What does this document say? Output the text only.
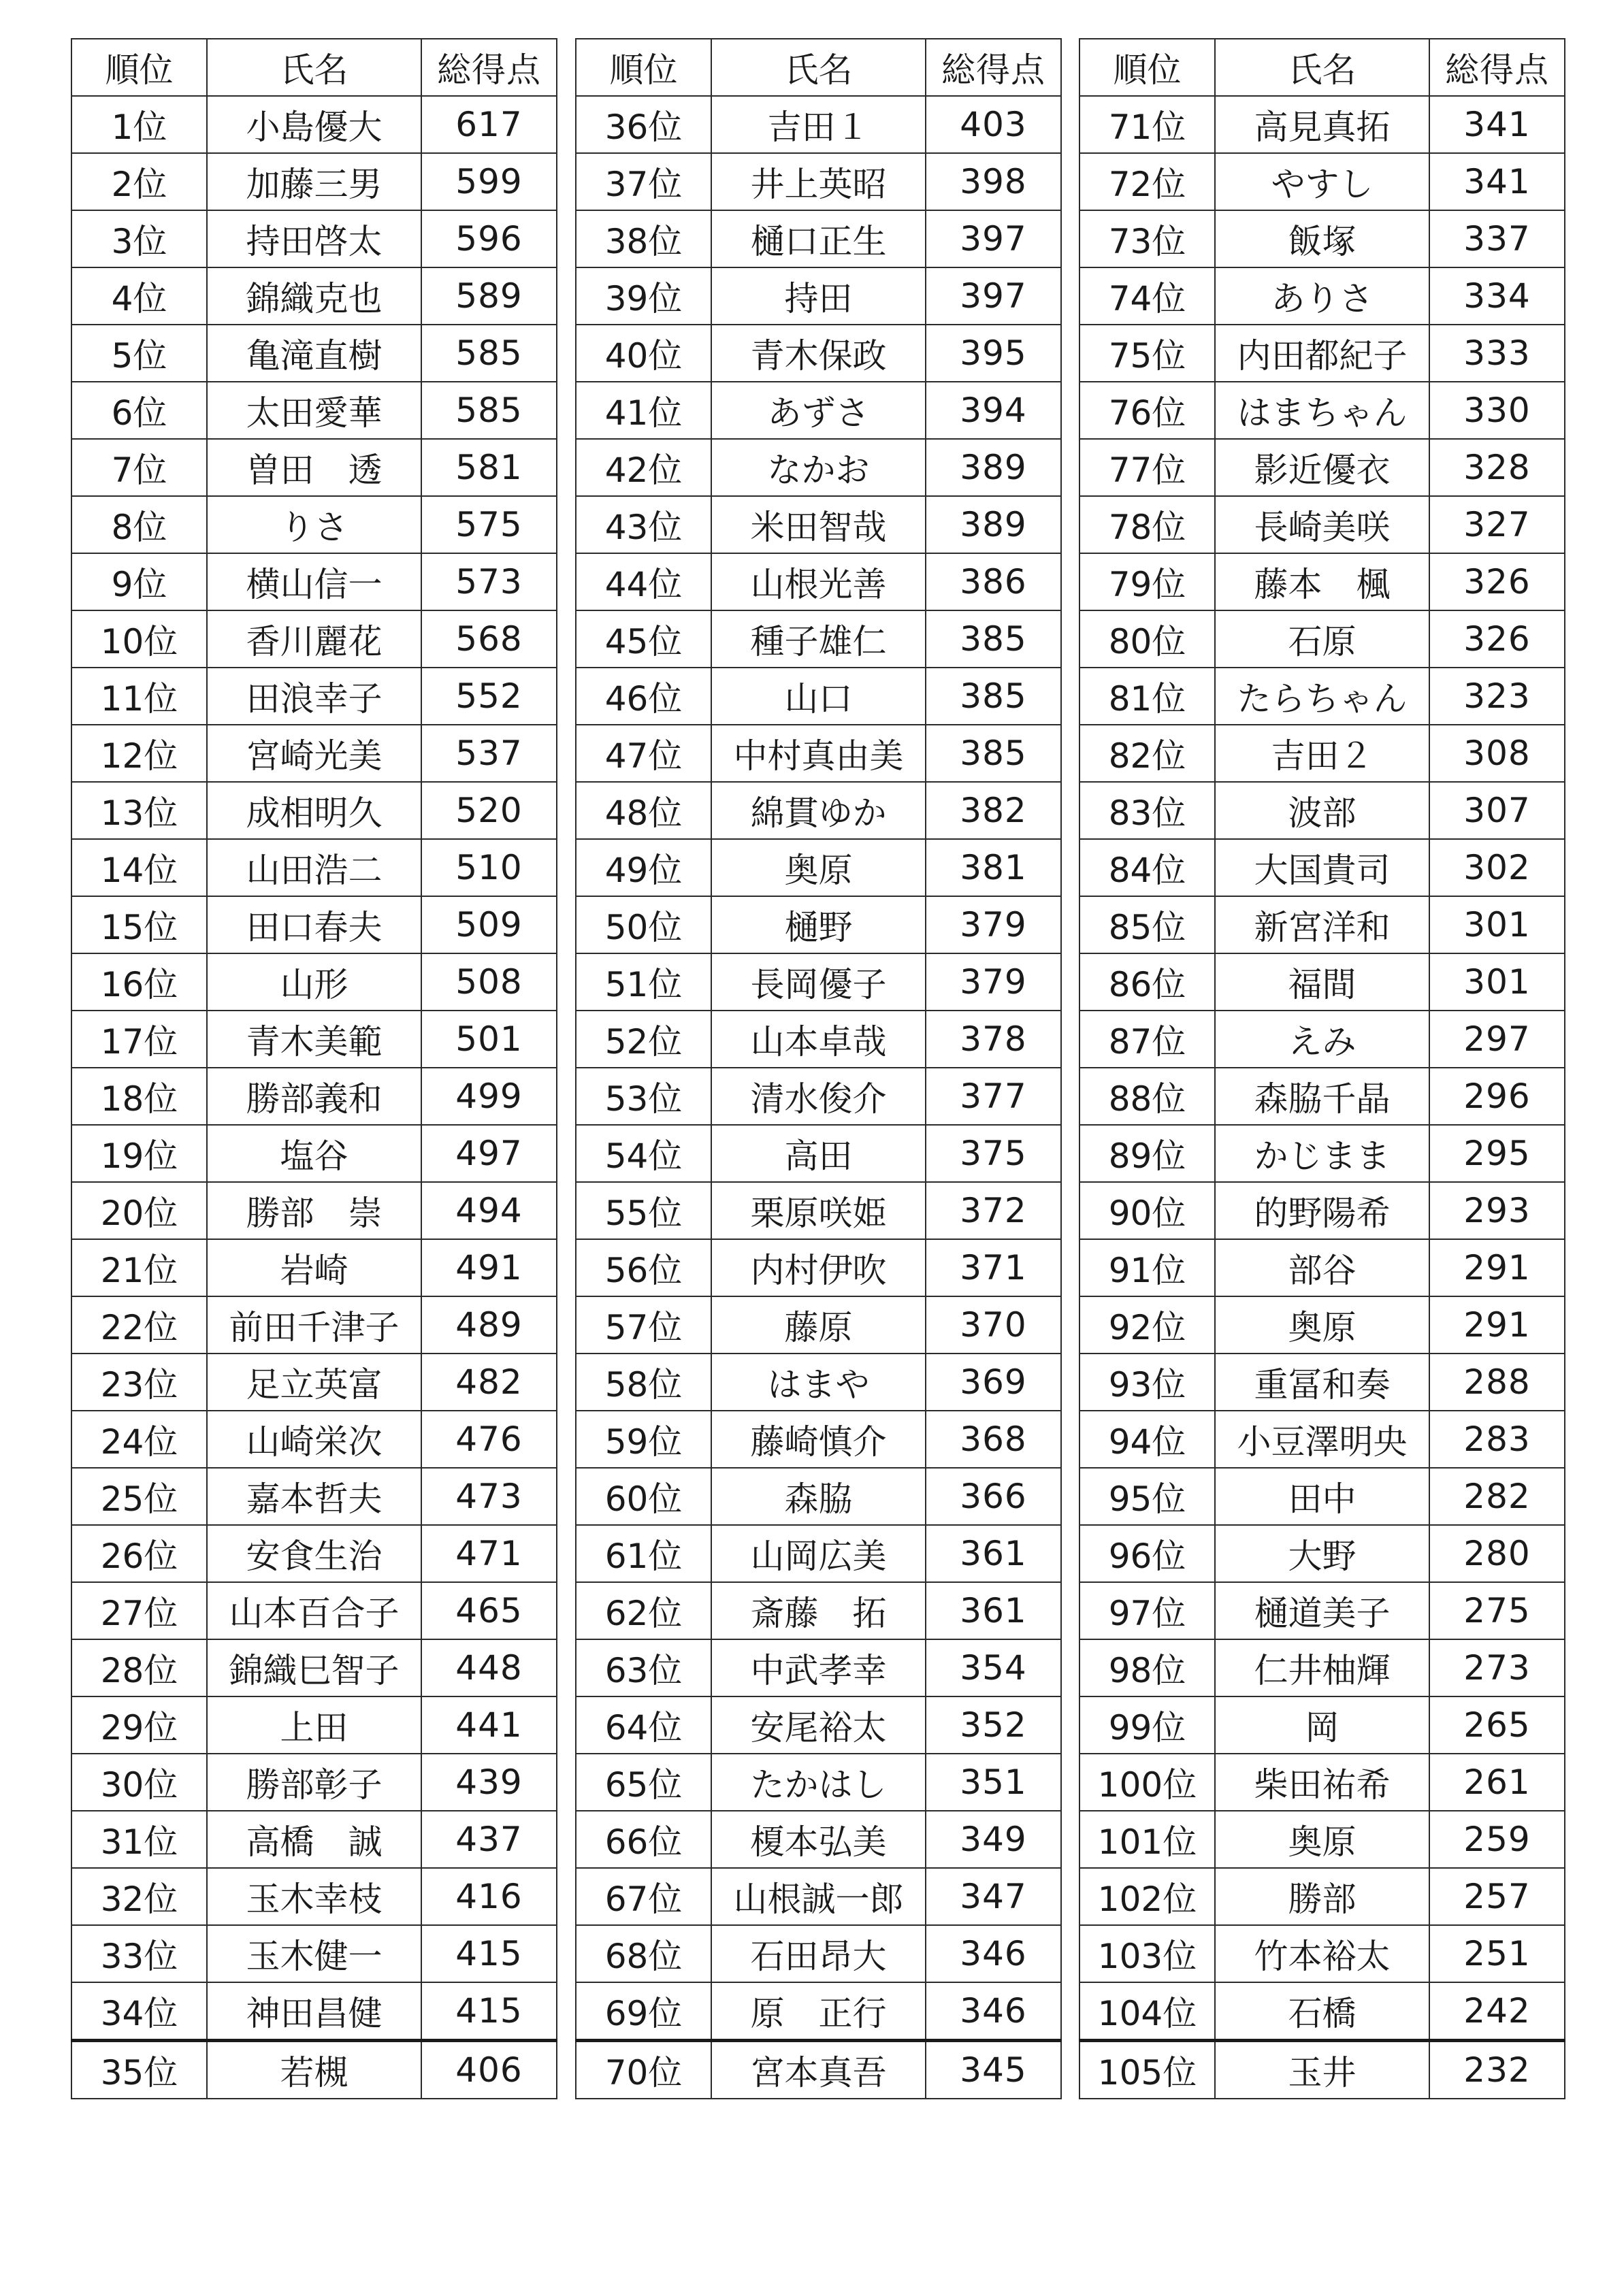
順位	氏名	総得点
1位	小島優大	617
2位	加藤三男	599
3位	持田啓太	596
4位	錦織克也	589
5位	亀滝直樹	585
6位	太田愛華	585
7位	曽田　透	581
8位	りさ	575
9位	横山信一	573
10位	香川麗花	568
11位	田浪幸子	552
12位	宮崎光美	537
13位	成相明久	520
14位	山田浩二	510
15位	田口春夫	509
16位	山形	508
17位	青木美範	501
18位	勝部義和	499
19位	塩谷	497
20位	勝部　崇	494
21位	岩崎	491
22位	前田千津子	489
23位	足立英富	482
24位	山崎栄次	476
25位	嘉本哲夫	473
26位	安食生治	471
27位	山本百合子	465
28位	錦織巳智子	448
29位	上田	441
30位	勝部彰子	439
31位	高橋　誠	437
32位	玉木幸枝	416
33位	玉木健一	415
34位	神田昌健	415
35位	若槻	406
順位	氏名	総得点
36位	吉田１	403
37位	井上英昭	398
38位	樋口正生	397
39位	持田	397
40位	青木保政	395
41位	あずさ	394
42位	なかお	389
43位	米田智哉	389
44位	山根光善	386
45位	種子雄仁	385
46位	山口	385
47位	中村真由美	385
48位	綿貫ゆか	382
49位	奥原	381
50位	樋野	379
51位	長岡優子	379
52位	山本卓哉	378
53位	清水俊介	377
54位	高田	375
55位	栗原咲姫	372
56位	内村伊吹	371
57位	藤原	370
58位	はまや	369
59位	藤崎慎介	368
60位	森脇	366
61位	山岡広美	361
62位	斎藤　拓	361
63位	中武孝幸	354
64位	安尾裕太	352
65位	たかはし	351
66位	榎本弘美	349
67位	山根誠一郎	347
68位	石田昂大	346
69位	原　正行	346
70位	宮本真吾	345
順位	氏名	総得点
71位	高見真拓	341
72位	やすし	341
73位	飯塚	337
74位	ありさ	334
75位	内田都紀子	333
76位	はまちゃん	330
77位	影近優衣	328
78位	長崎美咲	327
79位	藤本　楓	326
80位	石原	326
81位	たらちゃん	323
82位	吉田２	308
83位	波部	307
84位	大国貴司	302
85位	新宮洋和	301
86位	福間	301
87位	えみ	297
88位	森脇千晶	296
89位	かじまま	295
90位	的野陽希	293
91位	部谷	291
92位	奥原	291
93位	重冨和奏	288
94位	小豆澤明央	283
95位	田中	282
96位	大野	280
97位	樋道美子	275
98位	仁井柚輝	273
99位	岡	265
100位	柴田祐希	261
101位	奥原	259
102位	勝部	257
103位	竹本裕太	251
104位	石橋	242
105位	玉井	232
